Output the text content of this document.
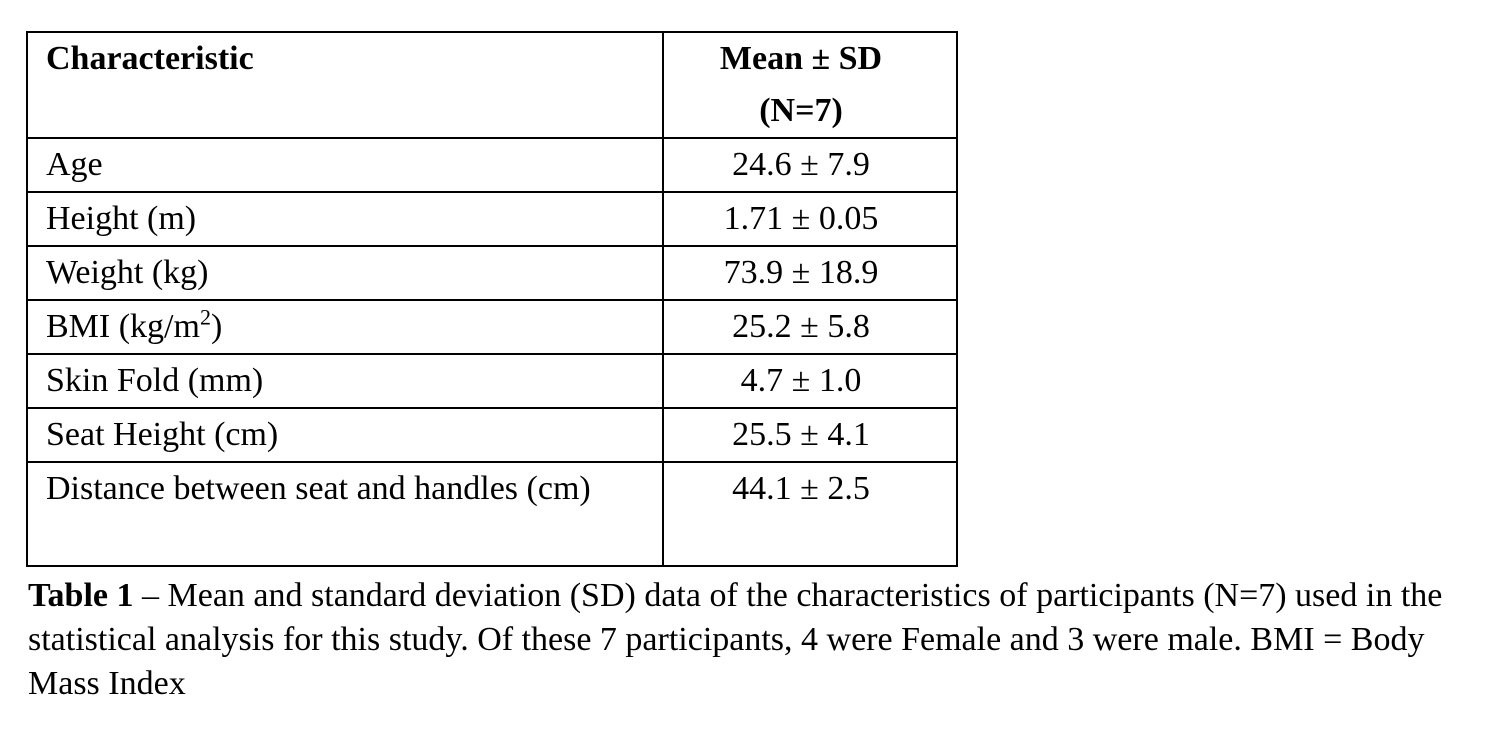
Characteristic	Mean ± SD
(N=7)
Age	24.6 ± 7.9
Height (m)	1.71 ± 0.05
Weight (kg)	73.9 ± 18.9
BMI $(kg/m^2)$	25.2 ± 5.8
Skin Fold (mm)	4.7 ± 1.0
Seat Height (cm)	25.5 ± 4.1
Distance between seat and handles (cm)	44.1 ± 2.5
Table 1 – Mean and standard deviation (SD) data of the characteristics of participants (N=7) used in the statistical analysis for this study. Of these 7 participants, 4 were Female and 3 were male. BMI = Body Mass Index
